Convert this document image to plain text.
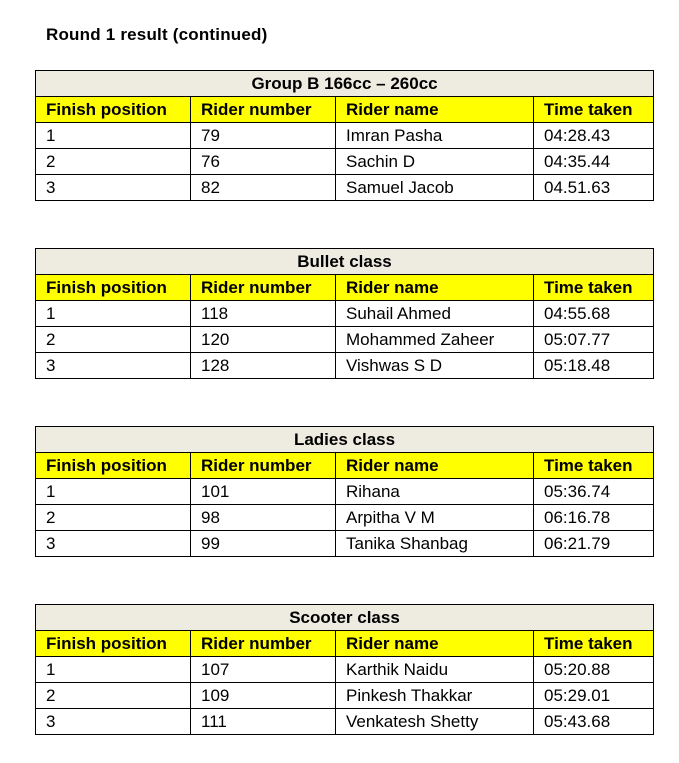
Round 1 result (continued)
Group B 166cc – 260cc			
Finish position	Rider number	Rider name	Time taken
1	79	Imran Pasha	04:28.43
2	76	Sachin D	04:35.44
3	82	Samuel Jacob	04.51.63
Bullet class			
Finish position	Rider number	Rider name	Time taken
1	118	Suhail Ahmed	04:55.68
2	120	Mohammed Zaheer	05:07.77
3	128	Vishwas S D	05:18.48
Ladies class			
Finish position	Rider number	Rider name	Time taken
1	101	Rihana	05:36.74
2	98	Arpitha V M	06:16.78
3	99	Tanika Shanbag	06:21.79
Scooter class			
Finish position	Rider number	Rider name	Time taken
1	107	Karthik Naidu	05:20.88
2	109	Pinkesh Thakkar	05:29.01
3	111	Venkatesh Shetty	05:43.68
